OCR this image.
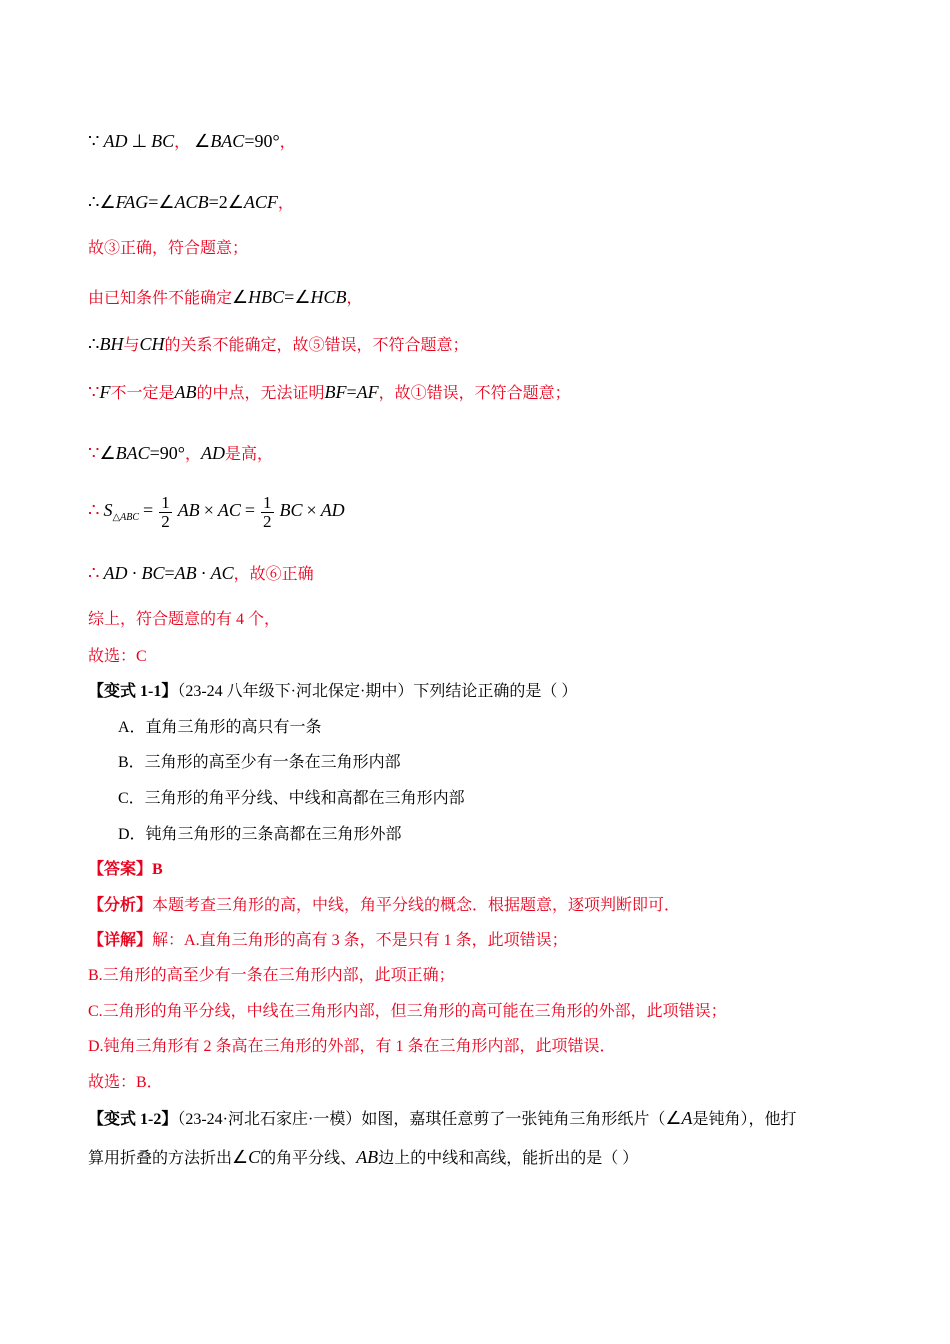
∵ AD ⊥ BC， ∠BAC=90°，
∴∠FAG=∠ACB=2∠ACF，
故③正确，符合题意；
由已知条件不能确定∠HBC=∠HCB，
∴BH与CH的关系不能确定，故⑤错误，不符合题意；
∵F不一定是AB的中点，无法证明BF=AF，故①错误，不符合题意；
∵∠BAC=90°，AD是高，
∴ $S_{\triangle ABC} = \frac{1}{2}$ AB × AC = $\frac{1}{2}$ BC × AD
∴ AD · BC=AB · AC，故⑥正确
综上，符合题意的有 4 个，
故选：C
【变式 1-1】（23-24 八年级下·河北保定·期中）下列结论正确的是（ ）
A．直角三角形的高只有一条
B．三角形的高至少有一条在三角形内部
C．三角形的角平分线、中线和高都在三角形内部
D．钝角三角形的三条高都在三角形外部
【答案】B
【分析】本题考查三角形的高，中线，角平分线的概念．根据题意，逐项判断即可．
【详解】解：A.直角三角形的高有 3 条，不是只有 1 条，此项错误；
B.三角形的高至少有一条在三角形内部，此项正确；
C.三角形的角平分线，中线在三角形内部，但三角形的高可能在三角形的外部，此项错误；
D.钝角三角形有 2 条高在三角形的外部，有 1 条在三角形内部，此项错误．
故选：B．
【变式 1-2】（23-24·河北石家庄·一模）如图，嘉琪任意剪了一张钝角三角形纸片（∠A是钝角），他打
算用折叠的方法折出∠C的角平分线、AB边上的中线和高线，能折出的是（ ）
